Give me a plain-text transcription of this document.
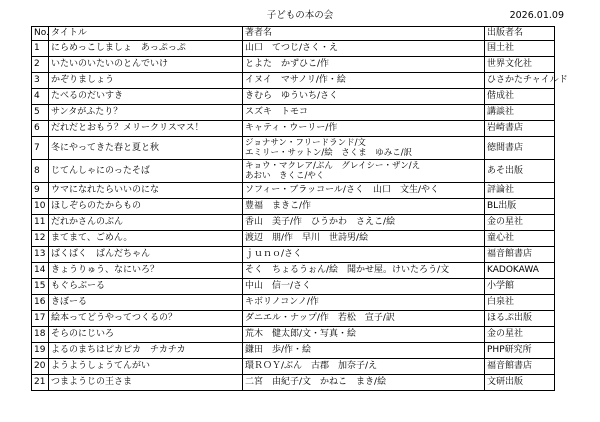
子どもの本の会	2026.01.09
No.	タイトル	著者名	出版者名
1	にらめっこしましょ　あっぷっぷ	山口　てつじ/さく・え	国土社
2	いたいのいたいのとんでいけ	とよた　かずひこ/作	世界文化社
3	かぞりましょう	イヌイ　マサノリ/作・絵	ひさかたチャイルド
4	たべるのだいすき	きむら　ゆういち/さく	偕成社
5	サンタがふたり？	スズキ　トモコ	講談社
6	だれだとおもう？メリークリスマス！	キャティ・ウーリー/作	岩崎書店
7	冬にやってきた春と夏と秋	ジョナサン・フリードランド/文
エミリー・サットン/絵　さくま　ゆみこ/訳	徳間書店
8	じてんしゃにのったそば	キョウ・マクレア/ぶん　グレイシー・ザン/え
あおい　きくこ/やく	あそ出版
9	ウマになれたらいいのにな	ソフィー・ブラッコール/さく　山口　文生/やく	評論社
10	ほしぞらのたからもの	豊福　まきこ/作	BL出版
11	だれかさんのぶん	香山　美子/作　ひうかわ　さえこ/絵	金の星社
12	まてまて、ごめん。	渡辺　朋/作　早川　世詩男/絵	童心社
13	ぱくぱく　ぱんだちゃん	ｊｕｎｏ/さく	福音館書店
14	きょうりゅう、なにいろ？	そく　ちょるうぉん/絵　聞かせ屋。けいたろう/文	KADOKAWA
15	もぐらぶーる	中山　信一/さく	小学館
16	きぼーる	キボリノコンノ/作	白泉社
17	絵本ってどうやってつくるの？	ダニエル・ナップ/作　若松　宣子/訳	ほるぷ出版
18	そらのにじいろ	荒木　健太郎/文・写真・絵	金の星社
19	よるのまちはピカピカ　チカチカ	鎌田　歩/作・絵	PHP研究所
20	ようようしょうてんがい	環ＲＯＹ/ぶん　古郡　加奈子/え	福音館書店
21	つまようじの王さま	二宮　由紀子/文　かねこ　まき/絵	文研出版
